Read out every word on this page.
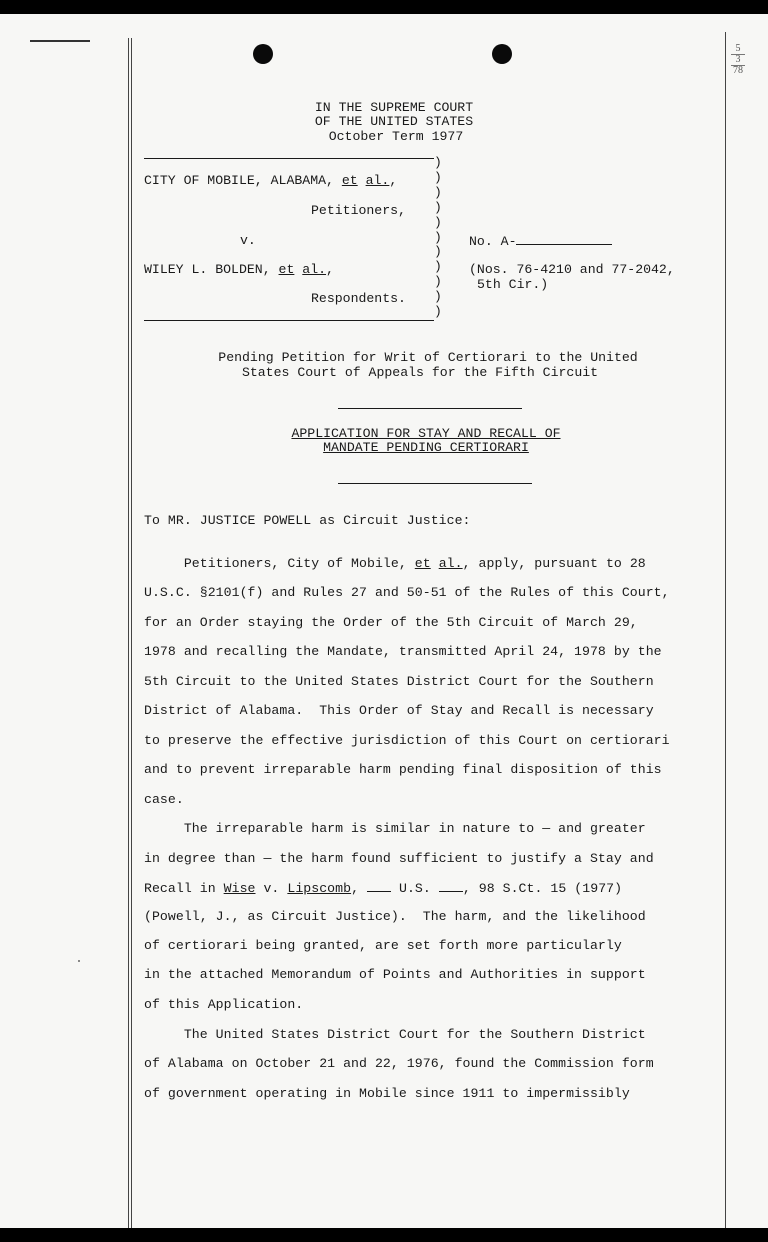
5
3
78
IN THE SUPREME COURT
OF THE UNITED STATES
October Term 1977
)
)
)
)
)
)
)
)
)
)
)
CITY OF MOBILE, ALABAMA, et al.,
Petitioners,
v.
WILEY L. BOLDEN, et al.,
Respondents.
No. A-
(Nos. 76-4210 and 77-2042,
5th Cir.)
Pending Petition for Writ of Certiorari to the United
States Court of Appeals for the Fifth Circuit
APPLICATION FOR STAY AND RECALL OF
MANDATE PENDING CERTIORARI
To MR. JUSTICE POWELL as Circuit Justice:
Petitioners, City of Mobile, et al., apply, pursuant to 28
U.S.C. §2101(f) and Rules 27 and 50-51 of the Rules of this Court,
for an Order staying the Order of the 5th Circuit of March 29,
1978 and recalling the Mandate, transmitted April 24, 1978 by the
5th Circuit to the United States District Court for the Southern
District of Alabama.  This Order of Stay and Recall is necessary
to preserve the effective jurisdiction of this Court on certiorari
and to prevent irreparable harm pending final disposition of this
case.
The irreparable harm is similar in nature to — and greater
in degree than — the harm found sufficient to justify a Stay and
Recall in Wise v. Lipscomb,  U.S. , 98 S.Ct. 15 (1977)
(Powell, J., as Circuit Justice).  The harm, and the likelihood
of certiorari being granted, are set forth more particularly
in the attached Memorandum of Points and Authorities in support
of this Application.
The United States District Court for the Southern District
of Alabama on October 21 and 22, 1976, found the Commission form
of government operating in Mobile since 1911 to impermissibly
